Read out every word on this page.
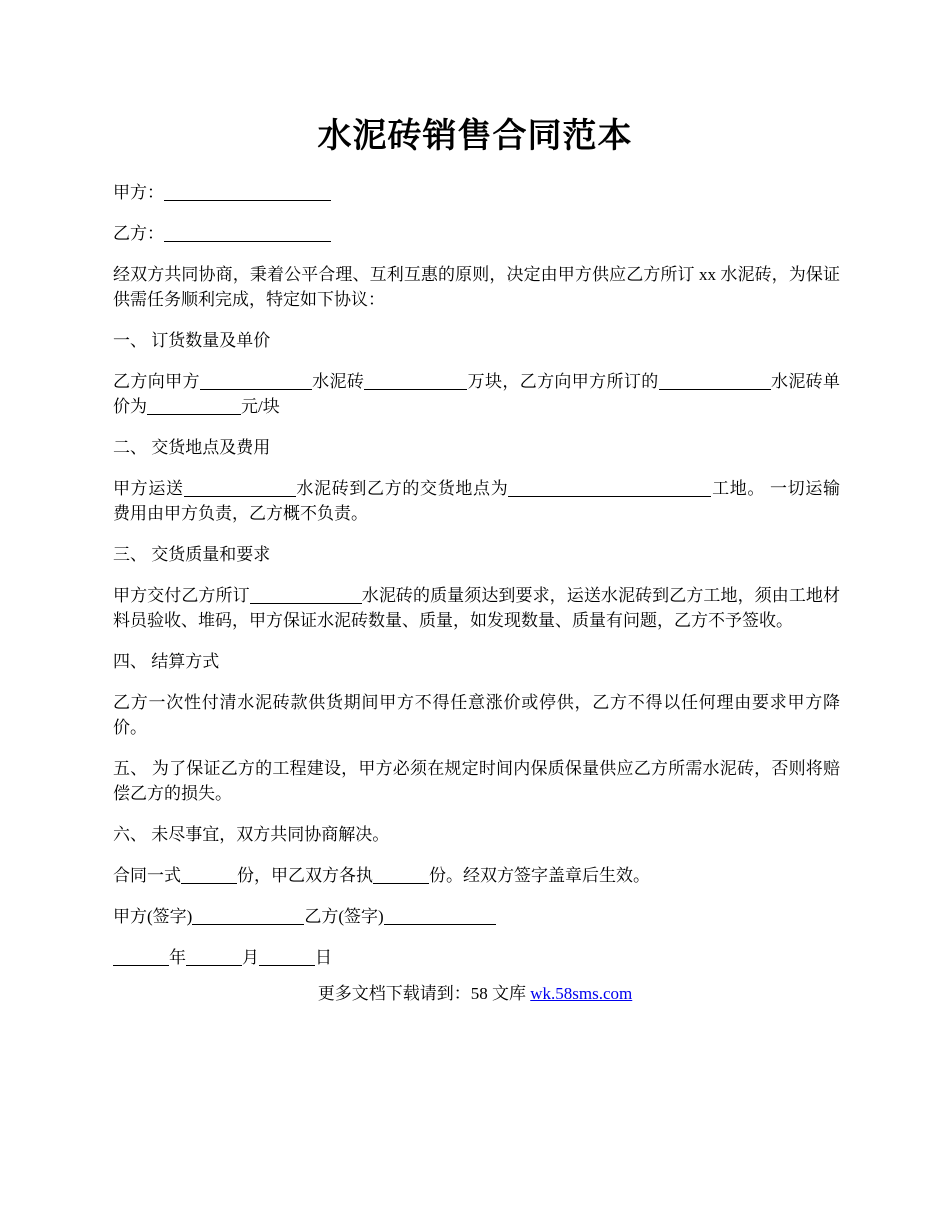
水泥砖销售合同范本

甲方：

乙方：

经双方共同协商，秉着公平合理、互利互惠的原则，决定由甲方供应乙方所订 xx 水泥砖，为保证供需任务顺利完成，特定如下协议：

一、 订货数量及单价

乙方向甲方	水泥砖	万块，乙方向甲方所订的	水泥砖单价为	元/块

二、 交货地点及费用

甲方运送	水泥砖到乙方的交货地点为	工地。 一切运输费用由甲方负责，乙方概不负责。

三、 交货质量和要求

甲方交付乙方所订	水泥砖的质量须达到要求，运送水泥砖到乙方工地，须由工地材料员验收、堆码，甲方保证水泥砖数量、质量，如发现数量、质量有问题，乙方不予签收。

四、 结算方式

乙方一次性付清水泥砖款供货期间甲方不得任意涨价或停供，乙方不得以任何理由要求甲方降价。

五、 为了保证乙方的工程建设，甲方必须在规定时间内保质保量供应乙方所需水泥砖，否则将赔偿乙方的损失。

六、 未尽事宜，双方共同协商解决。

合同一式	份，甲乙双方各执	份。经双方签字盖章后生效。

甲方(签字)	乙方(签字)

年	月	日

更多文档下载请到：58 文库 wk.58sms.com
